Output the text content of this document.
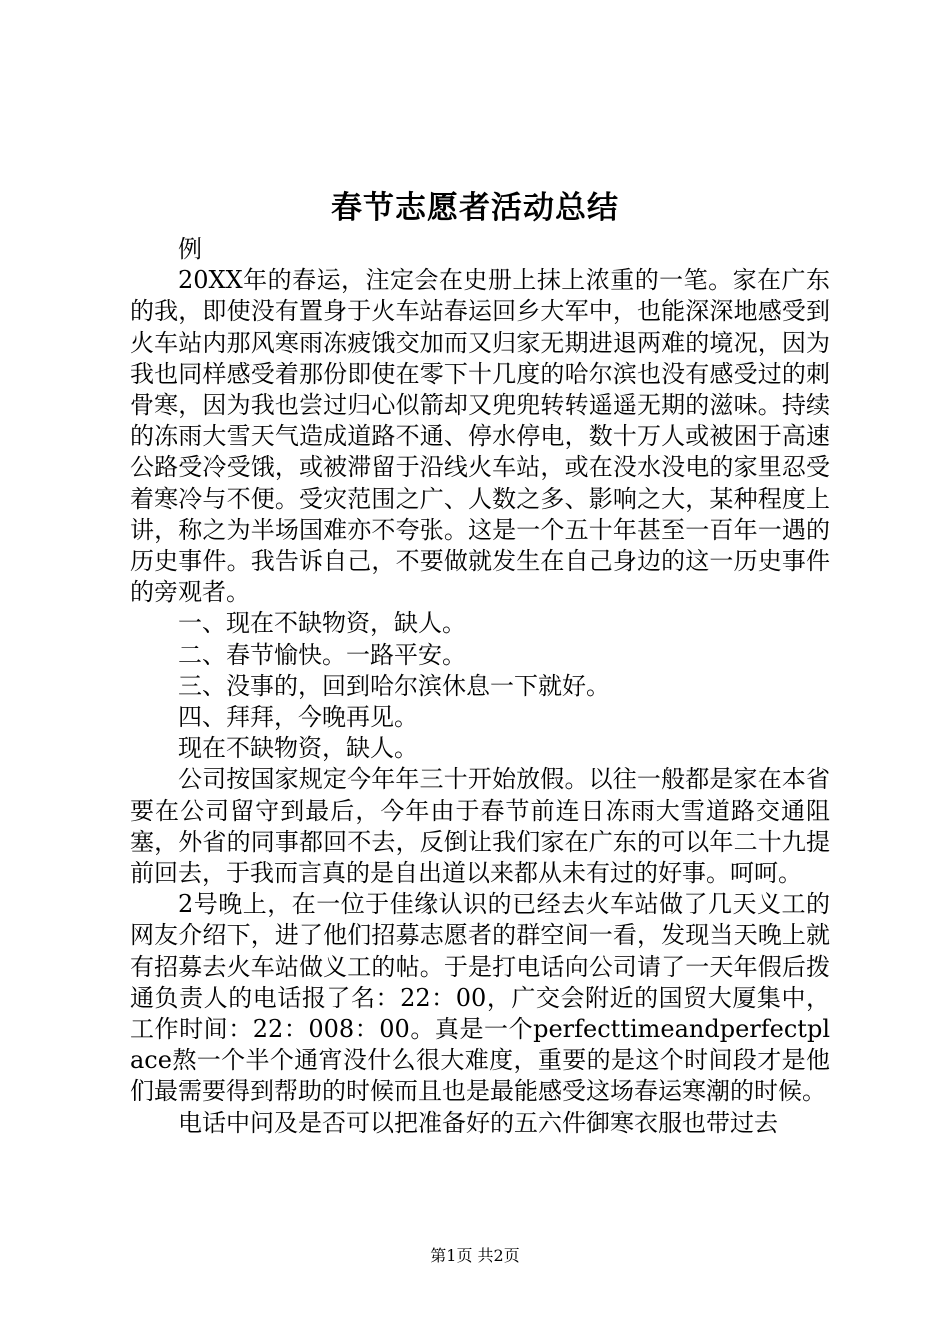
春节志愿者活动总结

例

20XX年的春运，注定会在史册上抹上浓重的一笔。家在广东的我，即使没有置身于火车站春运回乡大军中，也能深深地感受到火车站内那风寒雨冻疲饿交加而又归家无期进退两难的境况，因为我也同样感受着那份即使在零下十几度的哈尔滨也没有感受过的刺骨寒，因为我也尝过归心似箭却又兜兜转转遥遥无期的滋味。持续的冻雨大雪天气造成道路不通、停水停电，数十万人或被困于高速公路受冷受饿，或被滞留于沿线火车站，或在没水没电的家里忍受着寒冷与不便。受灾范围之广、人数之多、影响之大，某种程度上讲，称之为半场国难亦不夸张。这是一个五十年甚至一百年一遇的历史事件。我告诉自己，不要做就发生在自己身边的这一历史事件的旁观者。

一、现在不缺物资，缺人。

二、春节愉快。一路平安。

三、没事的，回到哈尔滨休息一下就好。

四、拜拜，今晚再见。

现在不缺物资，缺人。

公司按国家规定今年年三十开始放假。以往一般都是家在本省要在公司留守到最后，今年由于春节前连日冻雨大雪道路交通阻塞，外省的同事都回不去，反倒让我们家在广东的可以年二十九提前回去，于我而言真的是自出道以来都从未有过的好事。呵呵。

2号晚上，在一位于佳缘认识的已经去火车站做了几天义工的网友介绍下，进了他们招募志愿者的群空间一看，发现当天晚上就有招募去火车站做义工的帖。于是打电话向公司请了一天年假后拨通负责人的电话报了名：22：00，广交会附近的国贸大厦集中，工作时间：22：008：00。真是一个perfecttimeandperfectplace熬一个半个通宵没什么很大难度，重要的是这个时间段才是他们最需要得到帮助的时候而且也是最能感受这场春运寒潮的时候。

电话中问及是否可以把准备好的五六件御寒衣服也带过去

第1页 共2页
